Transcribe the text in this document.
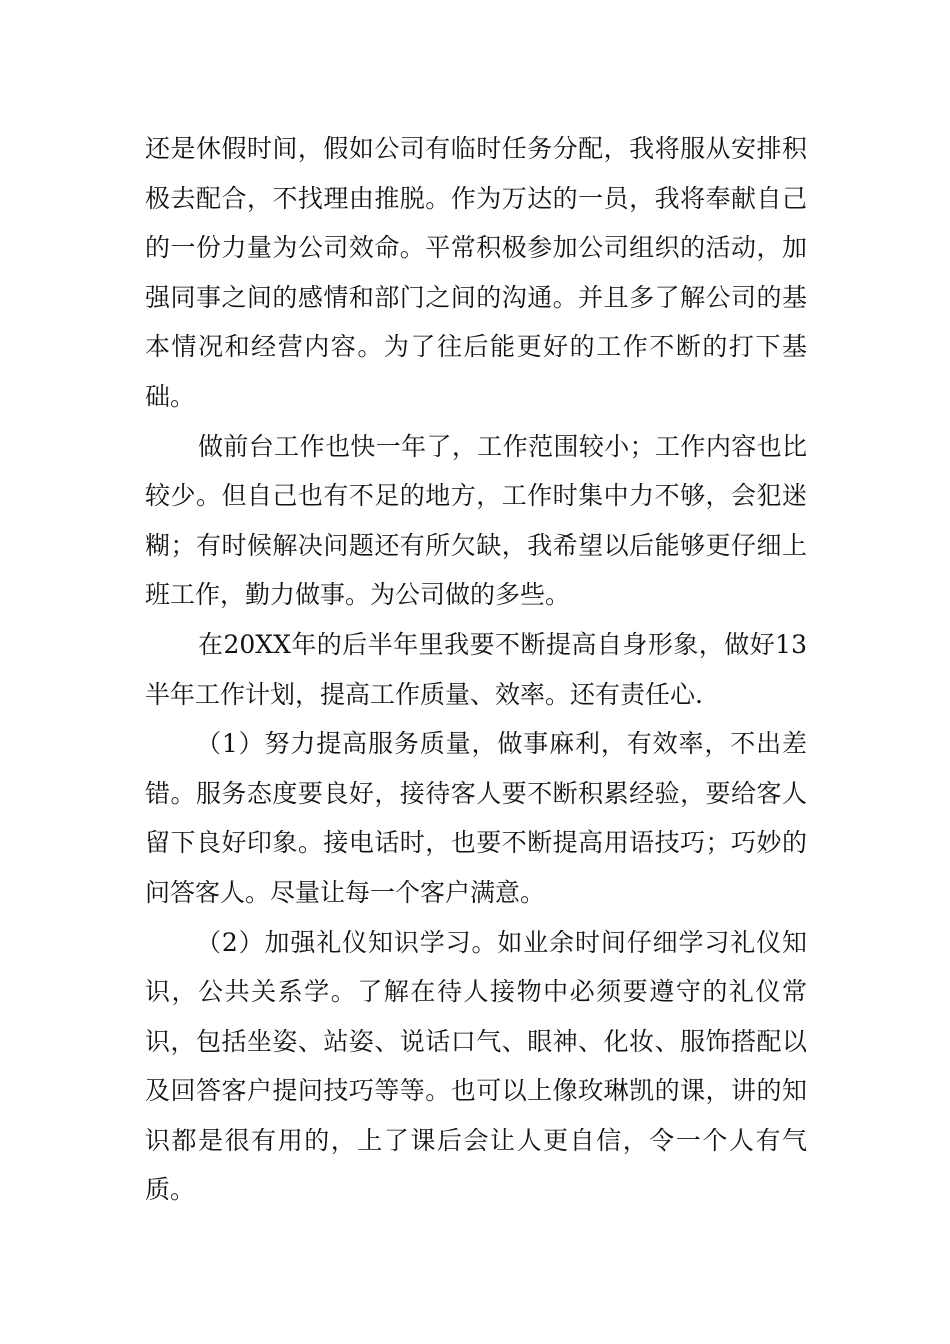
还是休假时间，假如公司有临时任务分配，我将服从安排积极去配合，不找理由推脱。作为万达的一员，我将奉献自己的一份力量为公司效命。平常积极参加公司组织的活动，加强同事之间的感情和部门之间的沟通。并且多了解公司的基本情况和经营内容。为了往后能更好的工作不断的打下基础。

做前台工作也快一年了，工作范围较小；工作内容也比较少。但自己也有不足的地方，工作时集中力不够，会犯迷糊；有时候解决问题还有所欠缺，我希望以后能够更仔细上班工作，勤力做事。为公司做的多些。

在20XX年的后半年里我要不断提高自身形象，做好13半年工作计划，提高工作质量、效率。还有责任心.

（1）努力提高服务质量，做事麻利，有效率，不出差错。服务态度要良好，接待客人要不断积累经验，要给客人留下良好印象。接电话时，也要不断提高用语技巧；巧妙的问答客人。尽量让每一个客户满意。

（2）加强礼仪知识学习。如业余时间仔细学习礼仪知识，公共关系学。了解在待人接物中必须要遵守的礼仪常识，包括坐姿、站姿、说话口气、眼神、化妆、服饰搭配以及回答客户提问技巧等等。也可以上像玫琳凯的课，讲的知识都是很有用的，上了课后会让人更自信，令一个人有气质。
